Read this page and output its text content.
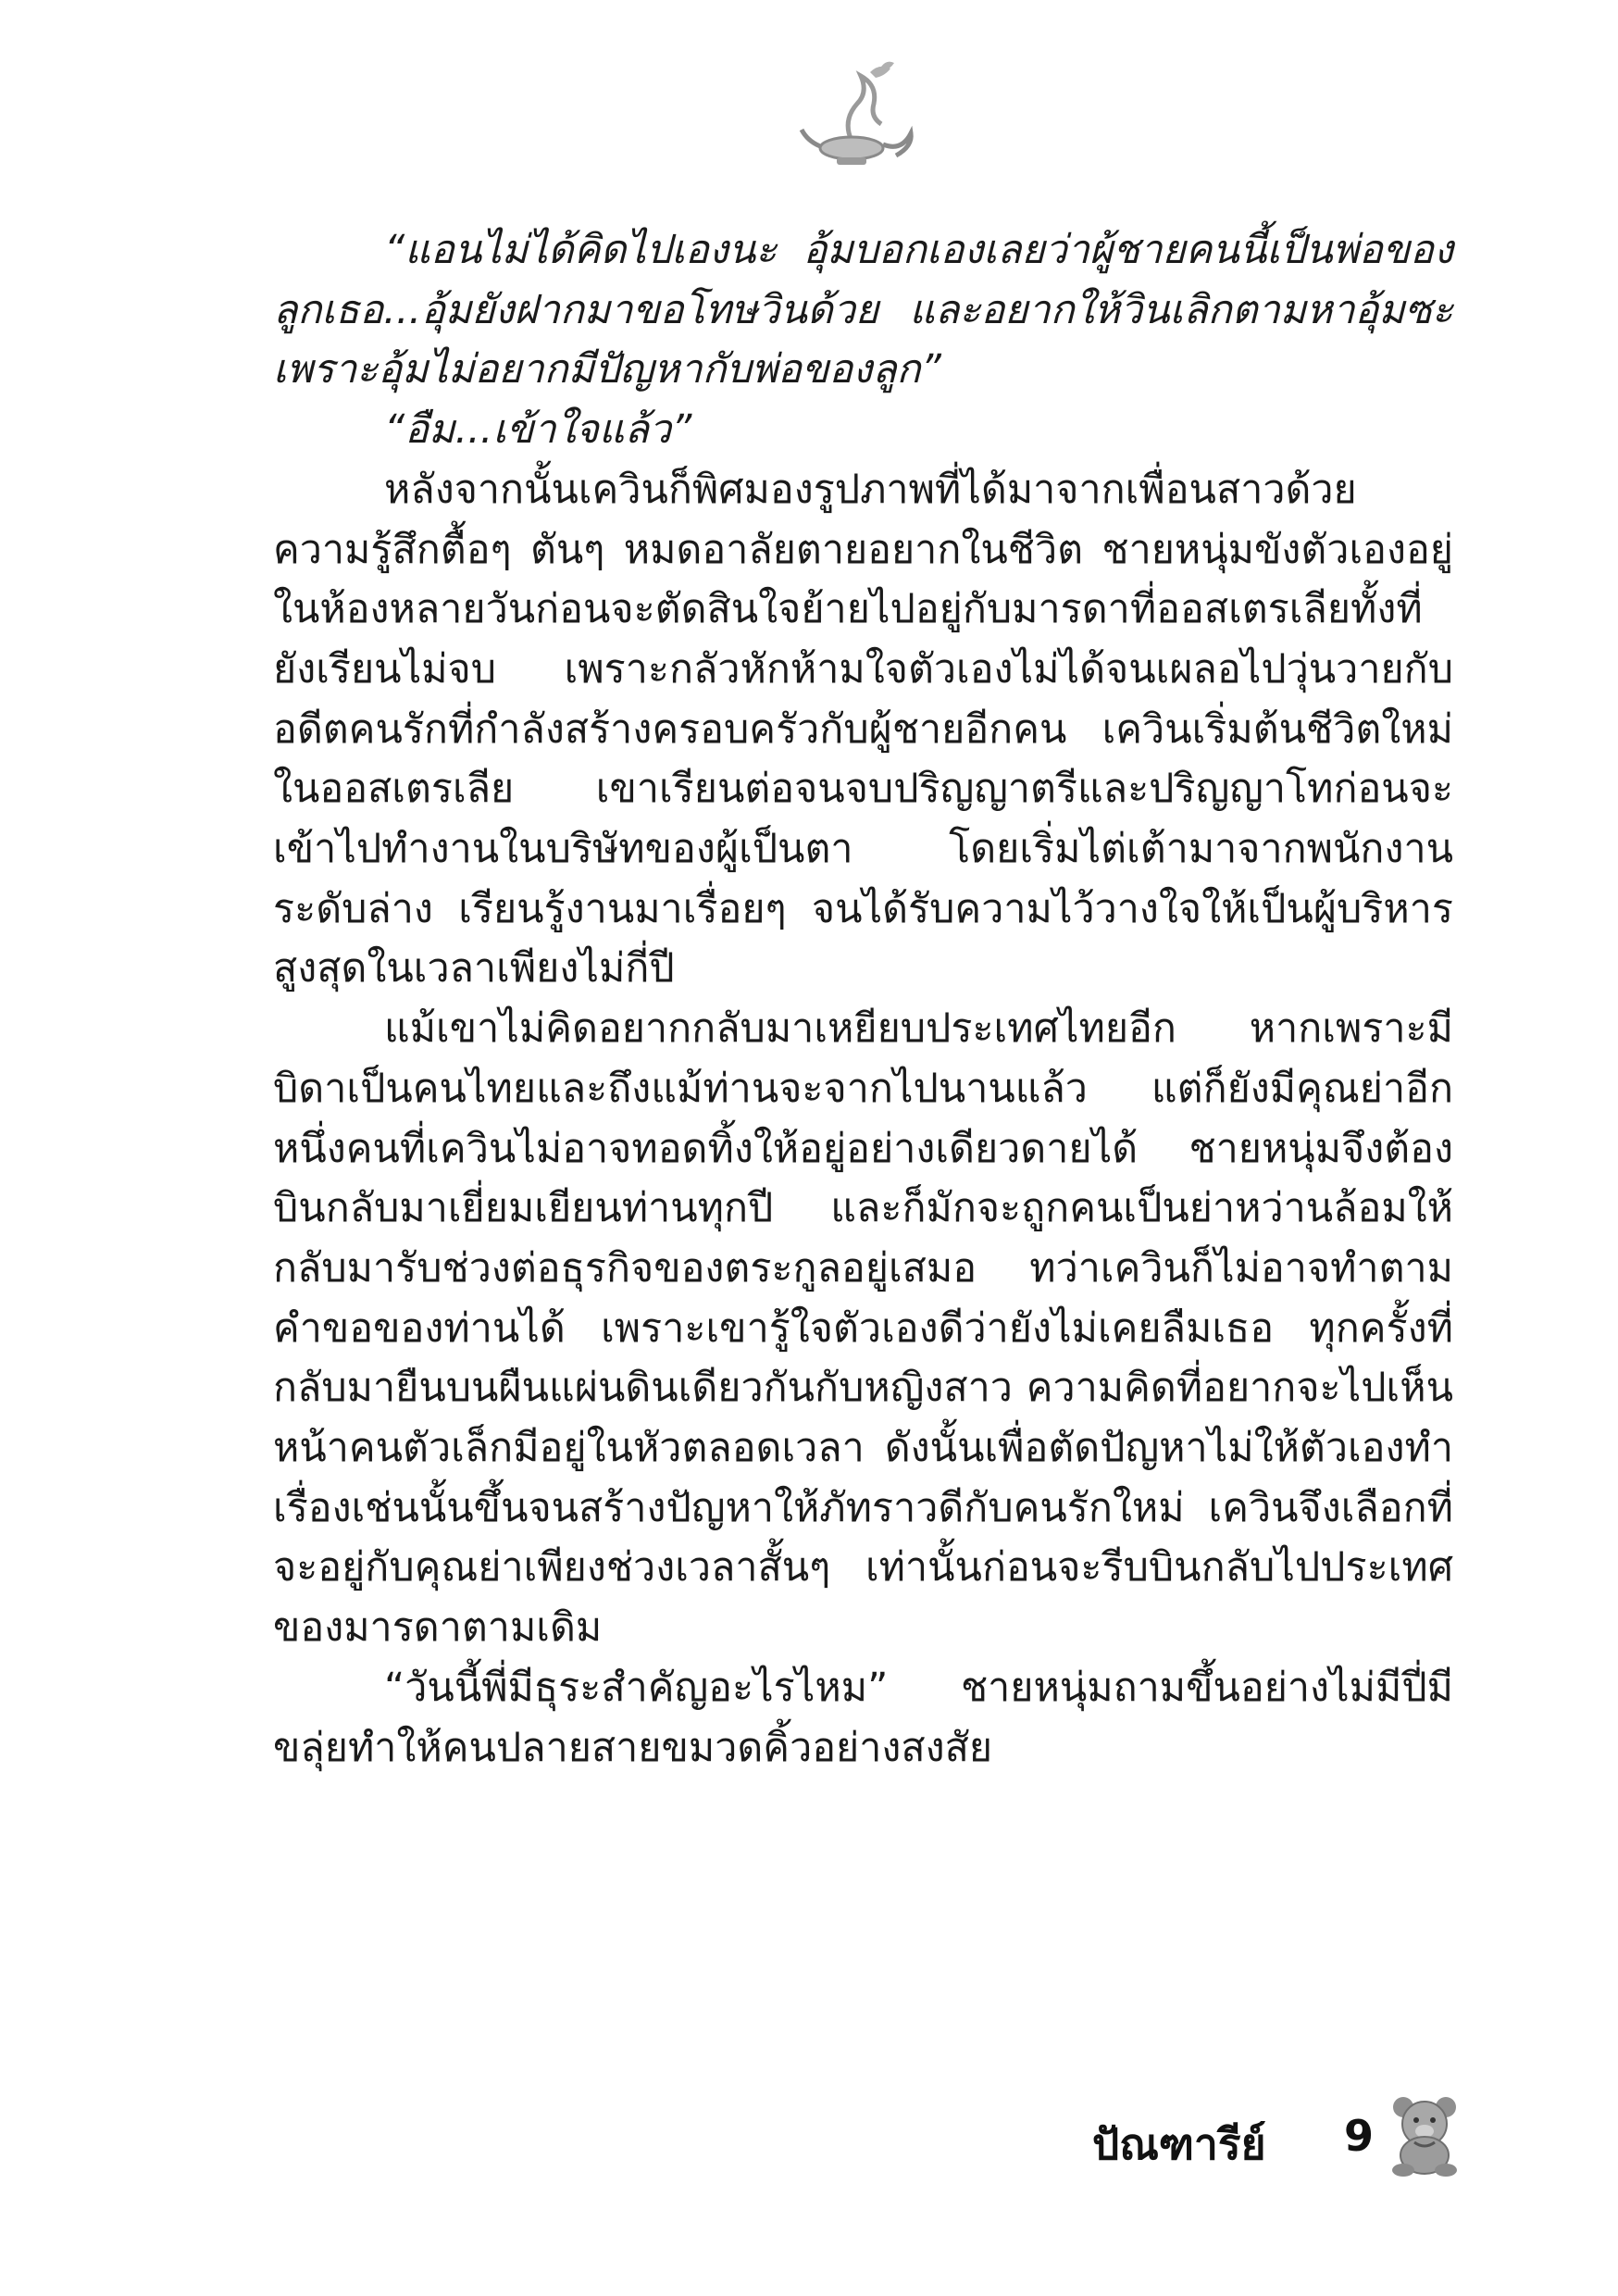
“แอนไม่ได้คิดไปเองนะ อุ้มบอกเองเลยว่าผู้ชายคนนี้เป็นพ่อของลูกเธอ...อุ้มยังฝากมาขอโทษวินด้วย และอยากให้วินเลิกตามหาอุ้มซะ เพราะอุ้มไม่อยากมีปัญหากับพ่อของลูก”

“อืม...เข้าใจแล้ว”

หลังจากนั้นเควินก็พิศมองรูปภาพที่ได้มาจากเพื่อนสาวด้วยความรู้สึกตื้อๆ ตันๆ หมดอาลัยตายอยากในชีวิต ชายหนุ่มขังตัวเองอยู่ในห้องหลายวันก่อนจะตัดสินใจย้ายไปอยู่กับมารดาที่ออสเตรเลียทั้งที่ยังเรียนไม่จบ เพราะกลัวหักห้ามใจตัวเองไม่ได้จนเผลอไปวุ่นวายกับอดีตคนรักที่กำลังสร้างครอบครัวกับผู้ชายอีกคน เควินเริ่มต้นชีวิตใหม่ในออสเตรเลีย เขาเรียนต่อจนจบปริญญาตรีและปริญญาโทก่อนจะเข้าไปทำงานในบริษัทของผู้เป็นตา โดยเริ่มไต่เต้ามาจากพนักงานระดับล่าง เรียนรู้งานมาเรื่อยๆ จนได้รับความไว้วางใจให้เป็นผู้บริหารสูงสุดในเวลาเพียงไม่กี่ปี

แม้เขาไม่คิดอยากกลับมาเหยียบประเทศไทยอีก หากเพราะมีบิดาเป็นคนไทยและถึงแม้ท่านจะจากไปนานแล้ว แต่ก็ยังมีคุณย่าอีกหนึ่งคนที่เควินไม่อาจทอดทิ้งให้อยู่อย่างเดียวดายได้ ชายหนุ่มจึงต้องบินกลับมาเยี่ยมเยียนท่านทุกปี และก็มักจะถูกคนเป็นย่าหว่านล้อมให้กลับมารับช่วงต่อธุรกิจของตระกูลอยู่เสมอ ทว่าเควินก็ไม่อาจทำตามคำขอของท่านได้ เพราะเขารู้ใจตัวเองดีว่ายังไม่เคยลืมเธอ ทุกครั้งที่กลับมายืนบนผืนแผ่นดินเดียวกันกับหญิงสาว ความคิดที่อยากจะไปเห็นหน้าคนตัวเล็กมีอยู่ในหัวตลอดเวลา ดังนั้นเพื่อตัดปัญหาไม่ให้ตัวเองทำเรื่องเช่นนั้นขึ้นจนสร้างปัญหาให้ภัทราวดีกับคนรักใหม่ เควินจึงเลือกที่จะอยู่กับคุณย่าเพียงช่วงเวลาสั้นๆ เท่านั้นก่อนจะรีบบินกลับไปประเทศของมารดาตามเดิม

“วันนี้พี่มีธุระสำคัญอะไรไหม” ชายหนุ่มถามขึ้นอย่างไม่มีปี่มีขลุ่ยทำให้คนปลายสายขมวดคิ้วอย่างสงสัย

ปัณฑารีย์ 9
